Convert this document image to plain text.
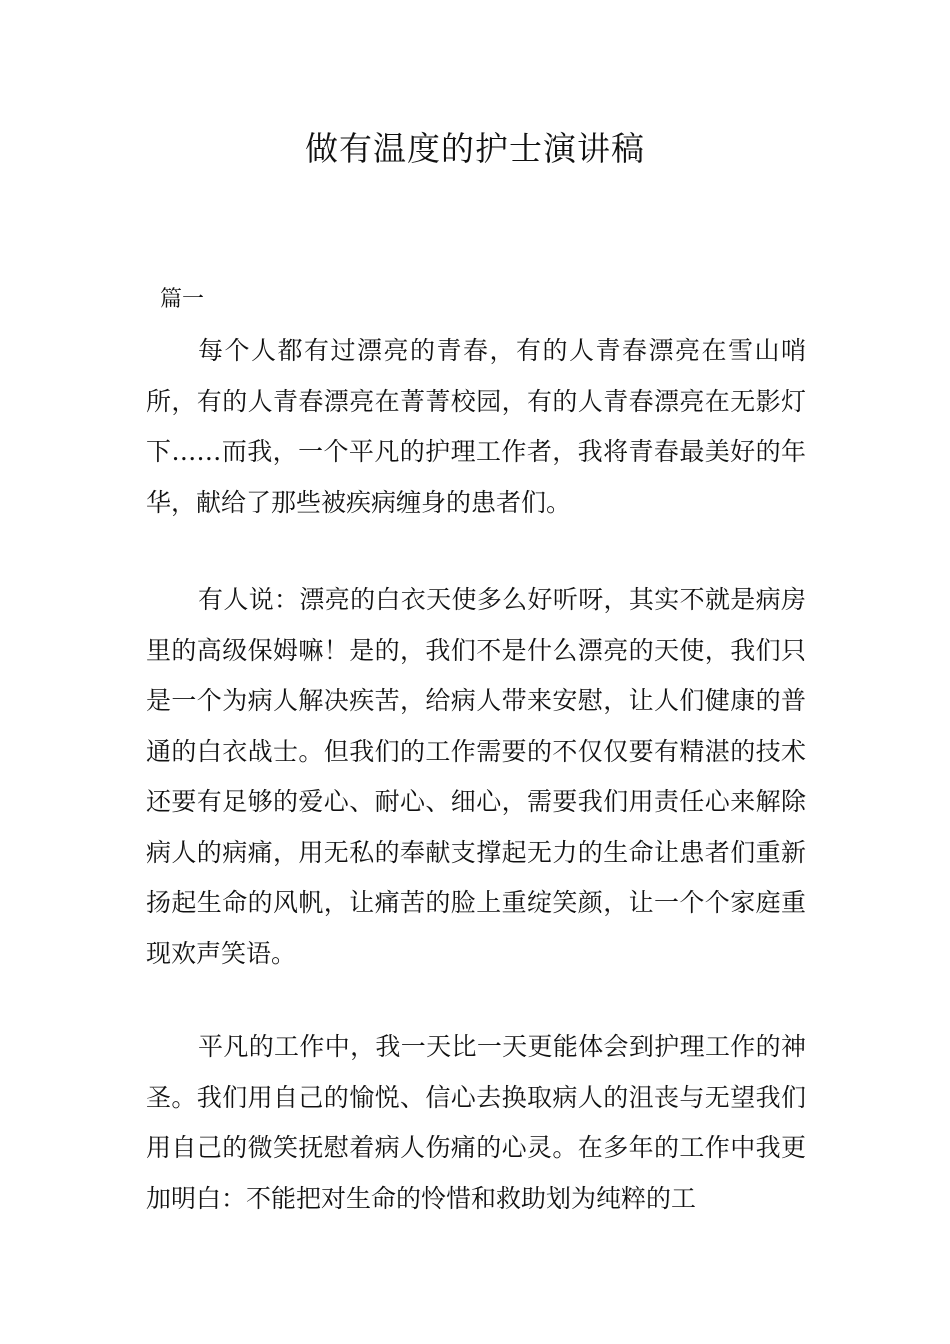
做有温度的护士演讲稿
篇一

每个人都有过漂亮的青春，有的人青春漂亮在雪山哨所，有的人青春漂亮在菁菁校园，有的人青春漂亮在无影灯下……而我，一个平凡的护理工作者，我将青春最美好的年华，献给了那些被疾病缠身的患者们。

有人说：漂亮的白衣天使多么好听呀，其实不就是病房里的高级保姆嘛！是的，我们不是什么漂亮的天使，我们只是一个为病人解决疾苦，给病人带来安慰，让人们健康的普通的白衣战士。但我们的工作需要的不仅仅要有精湛的技术还要有足够的爱心、耐心、细心，需要我们用责任心来解除病人的病痛，用无私的奉献支撑起无力的生命让患者们重新扬起生命的风帆，让痛苦的脸上重绽笑颜，让一个个家庭重现欢声笑语。

平凡的工作中，我一天比一天更能体会到护理工作的神圣。我们用自己的愉悦、信心去换取病人的沮丧与无望我们用自己的微笑抚慰着病人伤痛的心灵。在多年的工作中我更加明白：不能把对生命的怜惜和救助划为纯粹的工
